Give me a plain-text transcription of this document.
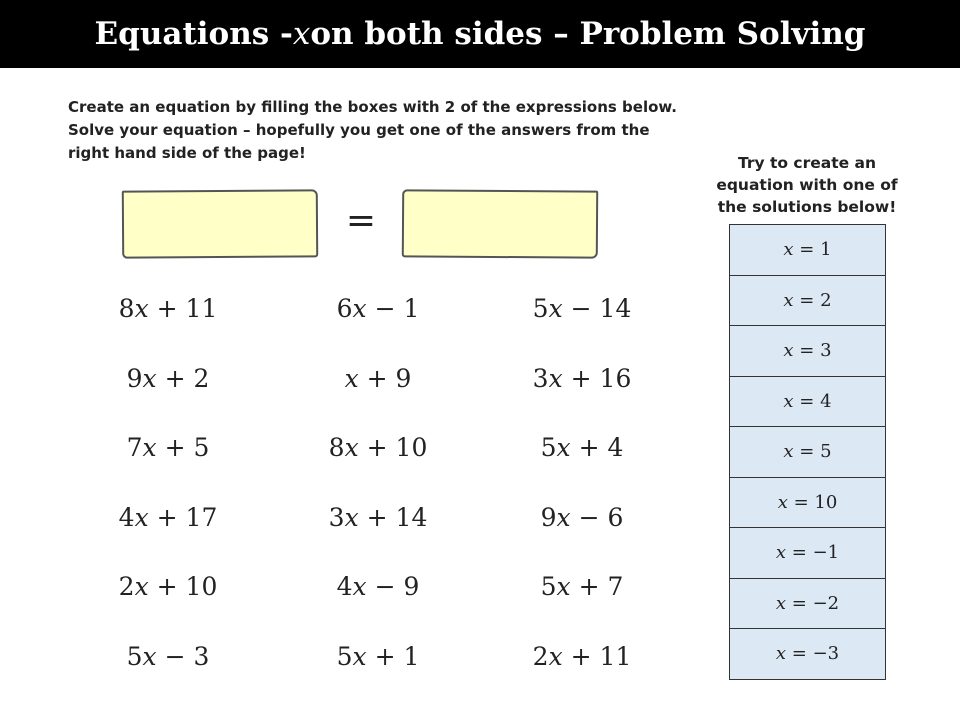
Equations - x on both sides – Problem Solving
Create an equation by filling the boxes with 2 of the expressions below.
Solve your equation – hopefully you get one of the answers from the
right hand side of the page!
=
8x + 11	6x − 1	5x − 14
9x + 2	x + 9	3x + 16
7x + 5	8x + 10	5x + 4
4x + 17	3x + 14	9x − 6
2x + 10	4x − 9	5x + 7
5x − 3	5x + 1	2x + 11
Try to create an
equation with one of
the solutions below!
x = 1
x = 2
x = 3
x = 4
x = 5
x = 10
x = −1
x = −2
x = −3
